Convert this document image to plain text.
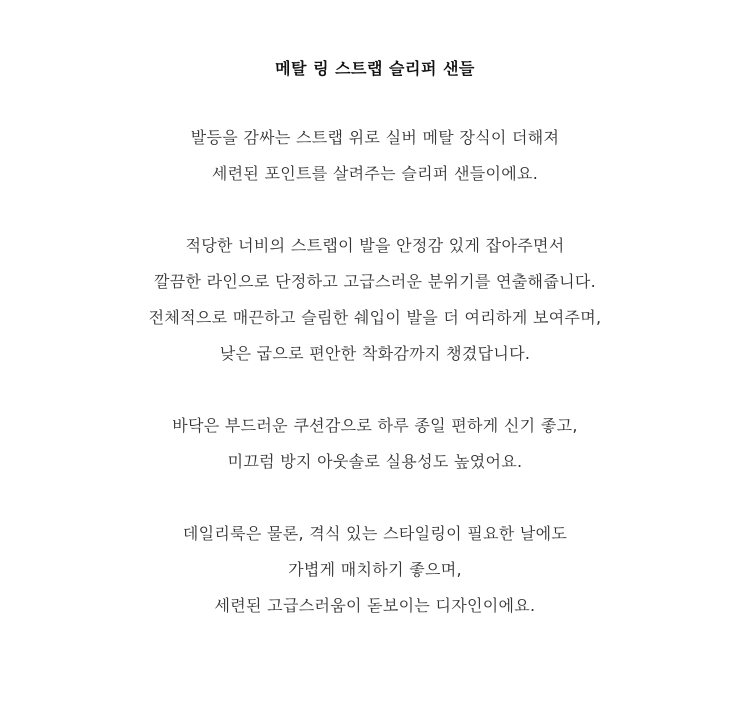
메탈 링 스트랩 슬리퍼 샌들
발등을 감싸는 스트랩 위로 실버 메탈 장식이 더해져
세련된 포인트를 살려주는 슬리퍼 샌들이에요.
적당한 너비의 스트랩이 발을 안정감 있게 잡아주면서
깔끔한 라인으로 단정하고 고급스러운 분위기를 연출해줍니다.
전체적으로 매끈하고 슬림한 쉐입이 발을 더 여리하게 보여주며,
낮은 굽으로 편안한 착화감까지 챙겼답니다.
바닥은 부드러운 쿠션감으로 하루 종일 편하게 신기 좋고,
미끄럼 방지 아웃솔로 실용성도 높였어요.
데일리룩은 물론, 격식 있는 스타일링이 필요한 날에도
가볍게 매치하기 좋으며,
세련된 고급스러움이 돋보이는 디자인이에요.
